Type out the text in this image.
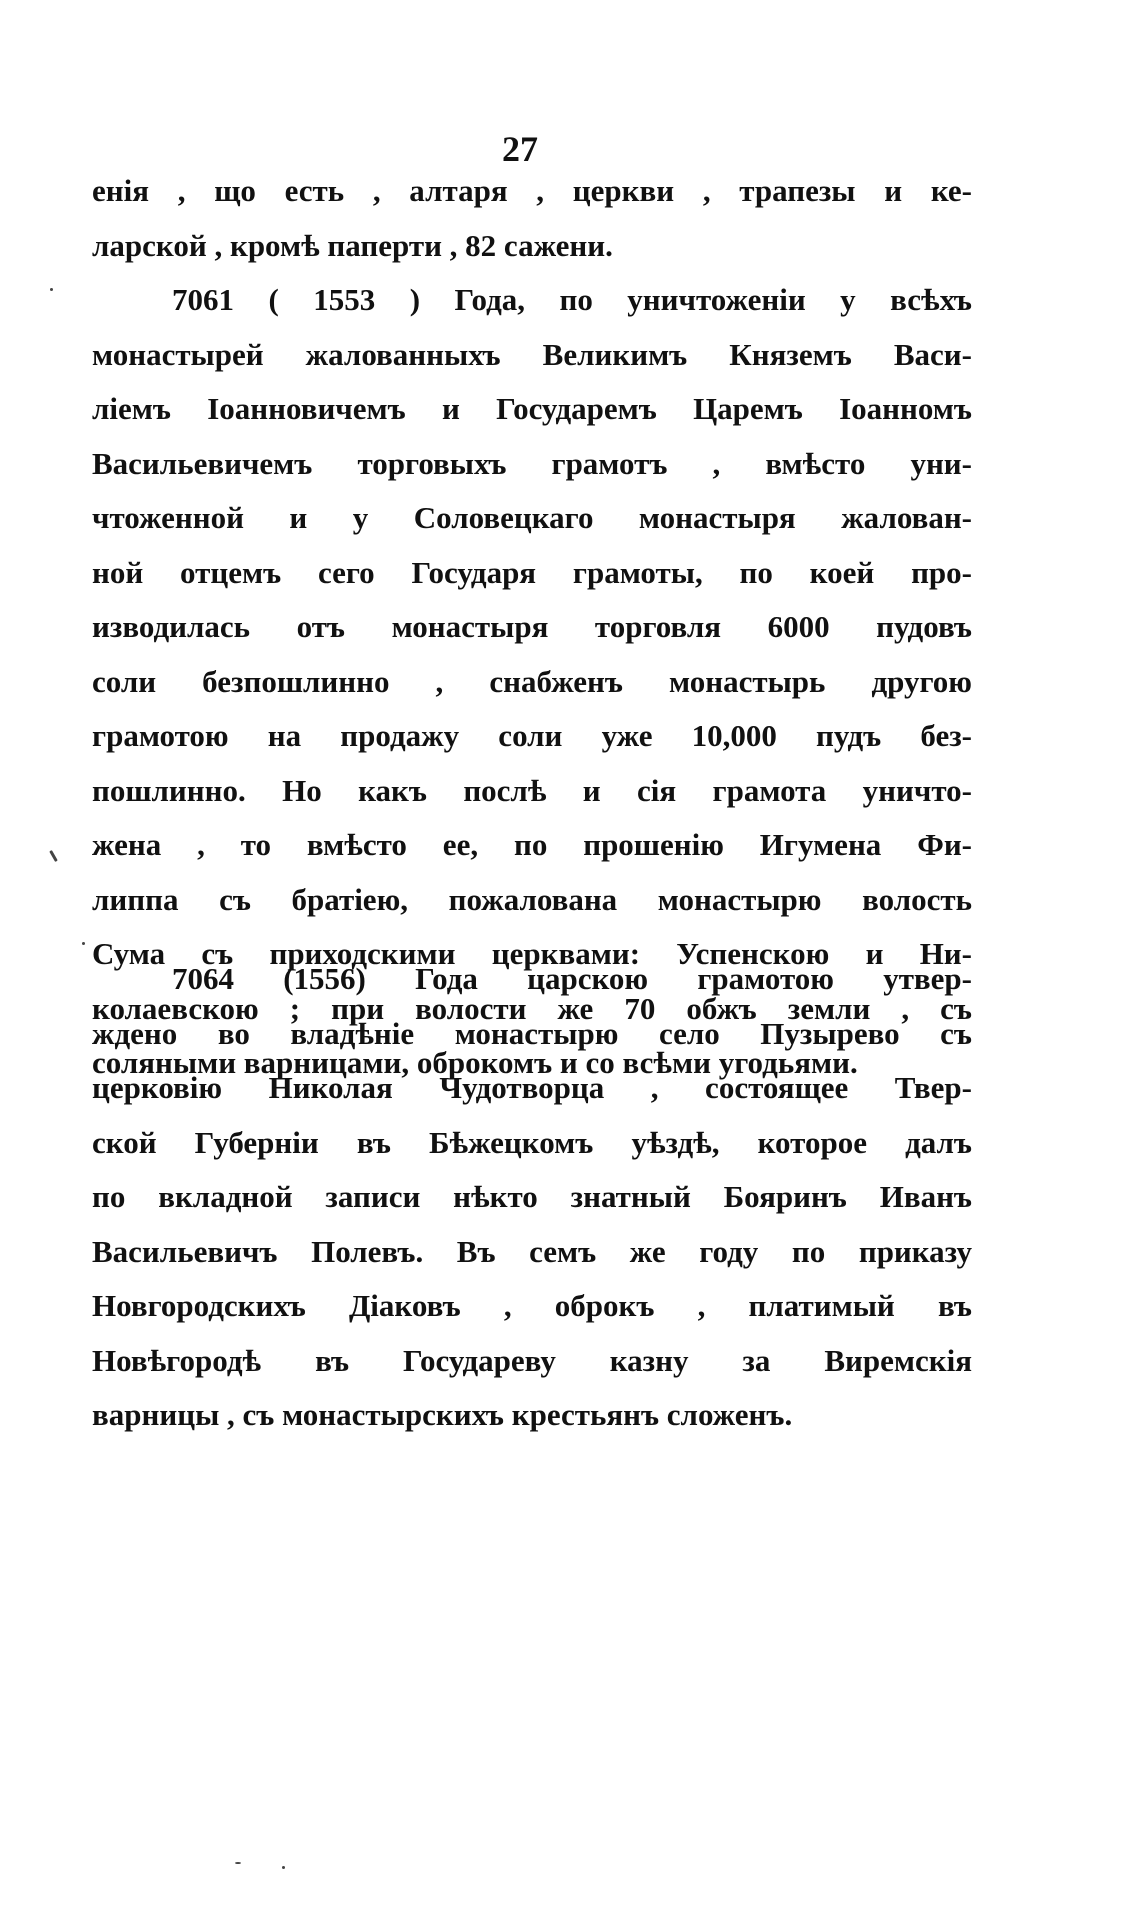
27
енія , що есть , алтаря , церкви , трапезы и ке-
ларской , кромѣ паперти , 82 сажени.
7061 ( 1553 ) Года, по уничтоженіи у всѣхъ
монастырей жалованныхъ Великимъ Княземъ Васи-
ліемъ Іоанновичемъ и Государемъ Царемъ Іоанномъ
Васильевичемъ торговыхъ грамотъ , вмѣсто уни-
чтоженной и у Соловецкаго монастыря жалован-
ной отцемъ сего Государя грамоты, по коей про-
изводилась отъ монастыря торговля 6000 пудовъ
соли безпошлинно , снабженъ монастырь другою
грамотою на продажу соли уже 10,000 пудъ без-
пошлинно. Но какъ послѣ и сія грамота уничто-
жена , то вмѣсто ее, по прошенію Игумена Фи-
липпа съ братіею, пожалована монастырю волость
Сума съ приходскими церквами: Успенскою и Ни-
колаевскою ; при волости же 70 обжъ земли , съ
соляными варницами, оброкомъ и со всѣми угодьями.
7064 (1556) Года царскою грамотою утвер-
ждено во владѣніе монастырю село Пузырево съ
церковію Николая Чудотворца , состоящее Твер-
ской Губерніи въ Бѣжецкомъ уѣздѣ, которое далъ
по вкладной записи нѣкто знатный Бояринъ Иванъ
Васильевичъ Полевъ. Въ семъ же году по приказу
Новгородскихъ Діаковъ , оброкъ , платимый въ
Новѣгородѣ въ Государеву казну за Виремскія
варницы , съ монастырскихъ крестьянъ сложенъ.
